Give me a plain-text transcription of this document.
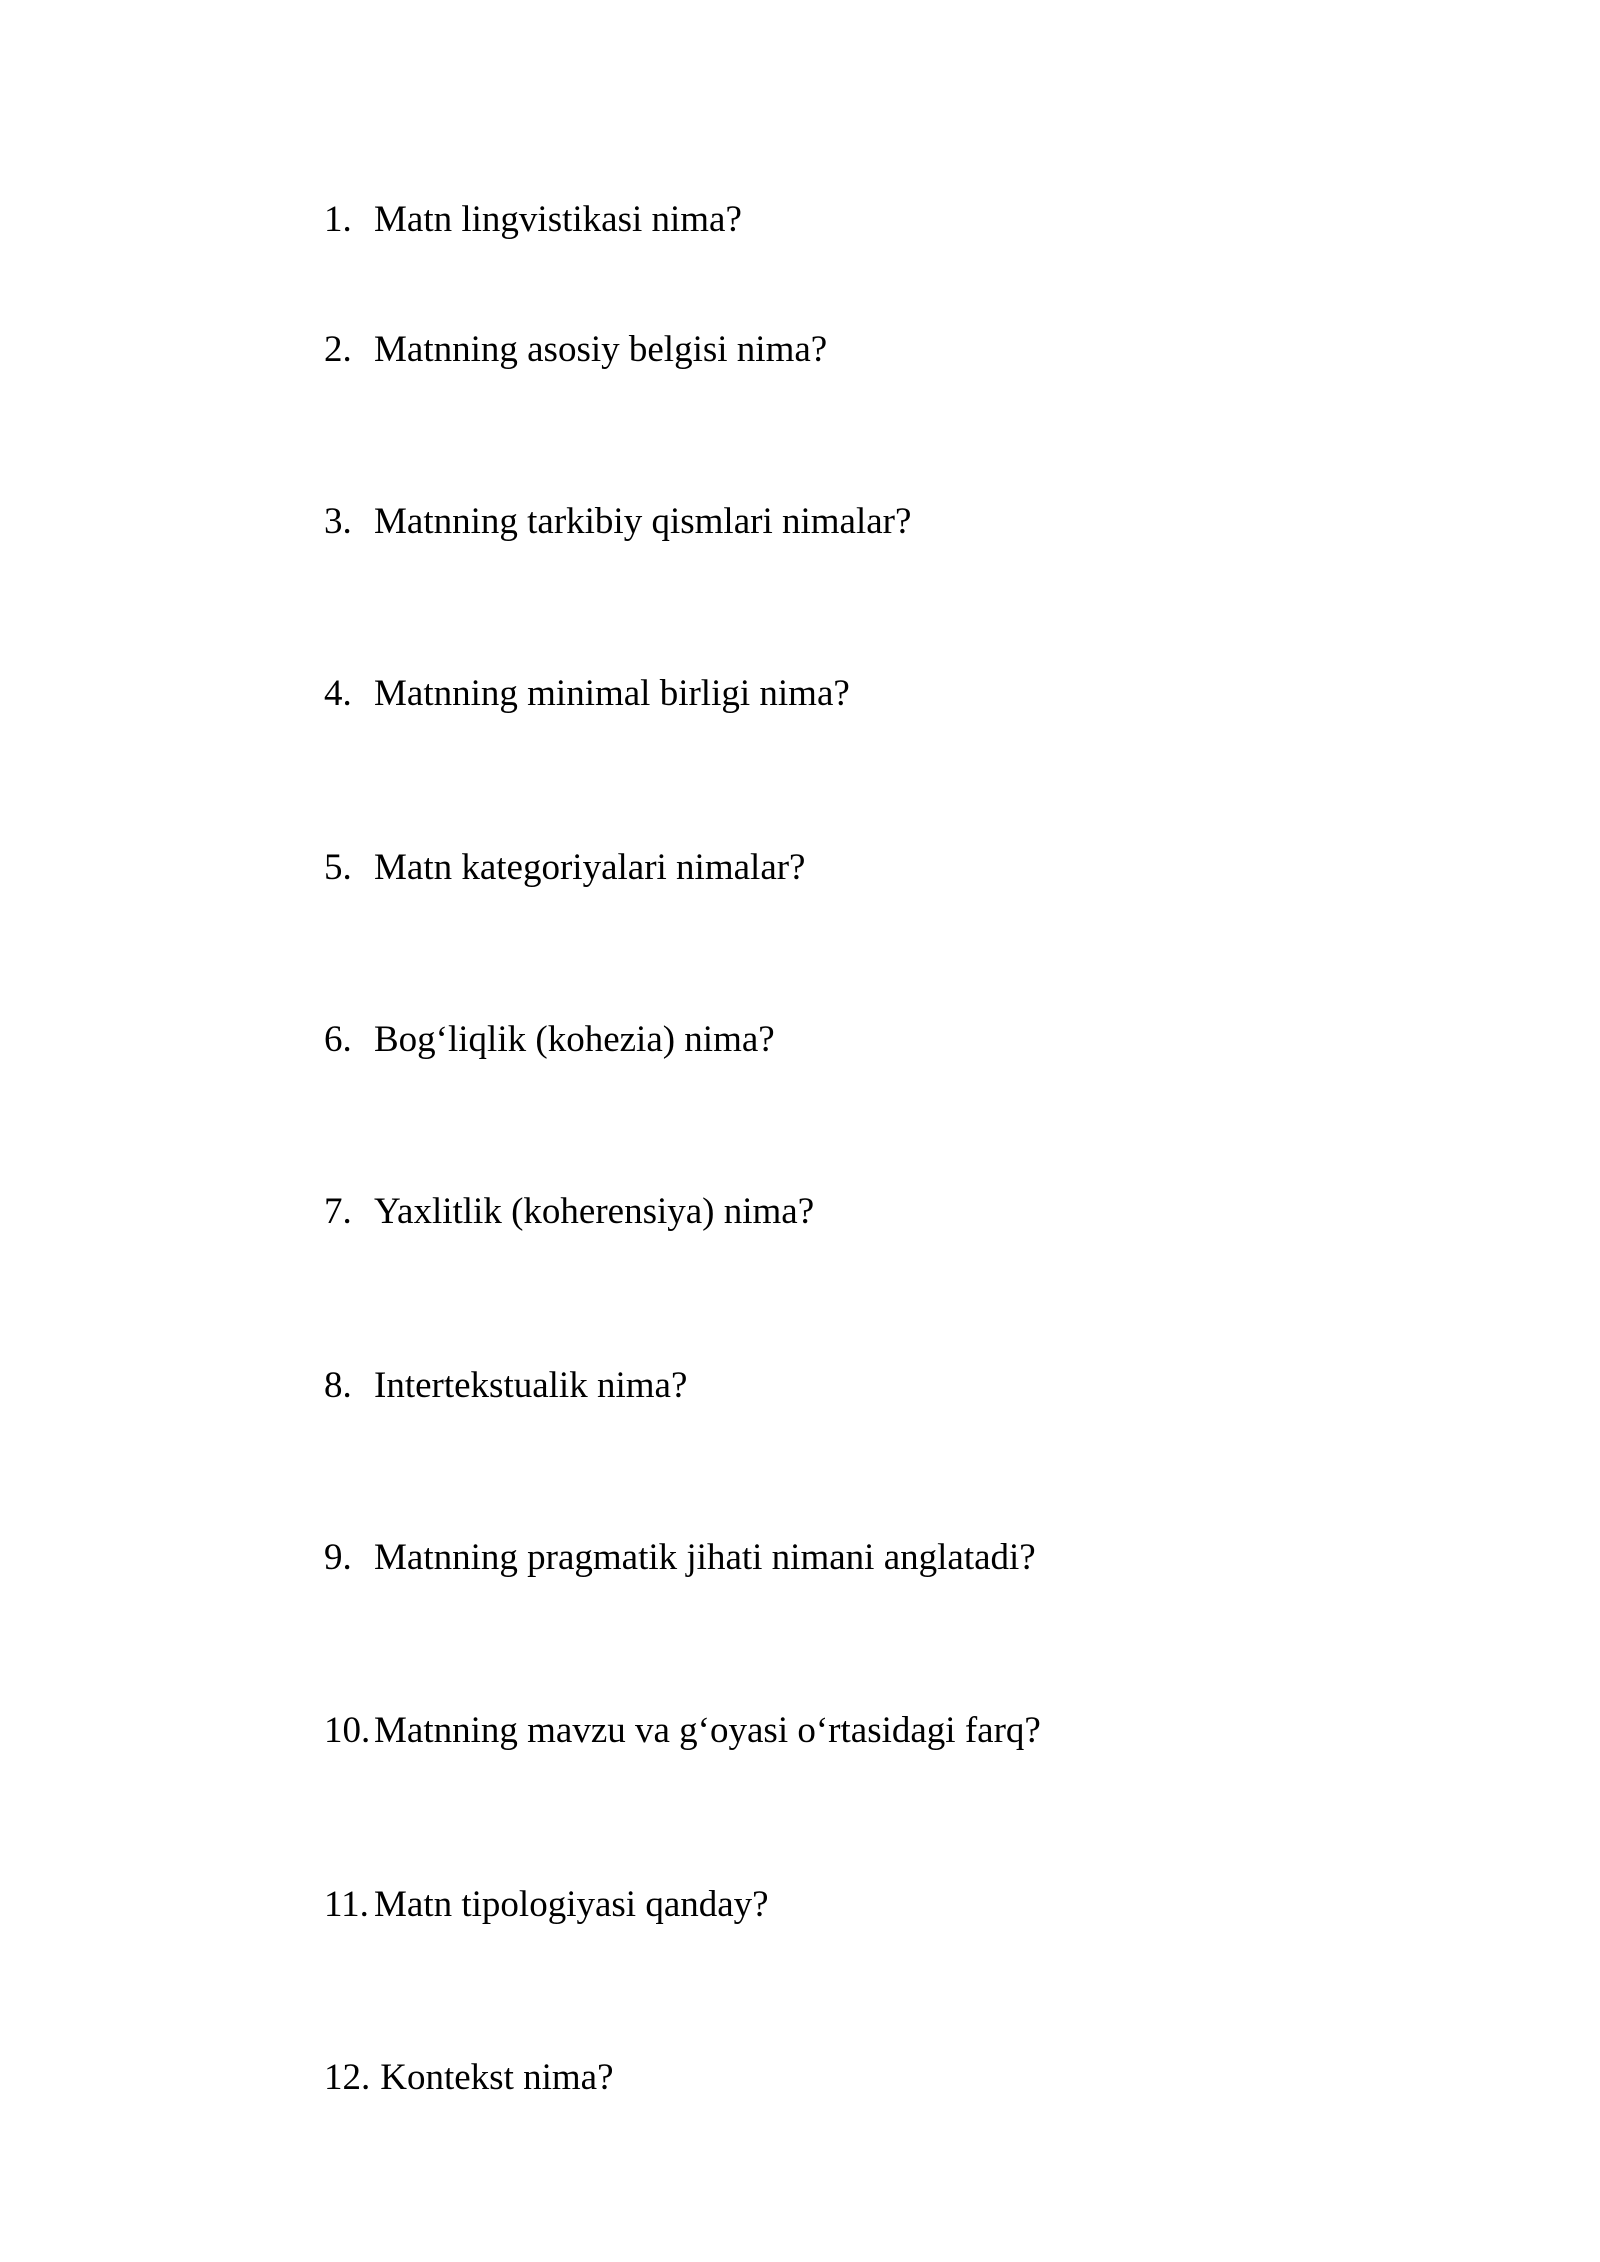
1. Matn lingvistikasi nima?
2. Matnning asosiy belgisi nima?
3. Matnning tarkibiy qismlari nimalar?
4. Matnning minimal birligi nima?
5. Matn kategoriyalari nimalar?
6. Bog‘liqlik (kohezia) nima?
7. Yaxlitlik (koherensiya) nima?
8. Intertekstualik nima?
9. Matnning pragmatik jihati nimani anglatadi?
10. Matnning mavzu va g‘oyasi o‘rtasidagi farq?
11. Matn tipologiyasi qanday?
12. Kontekst nima?
